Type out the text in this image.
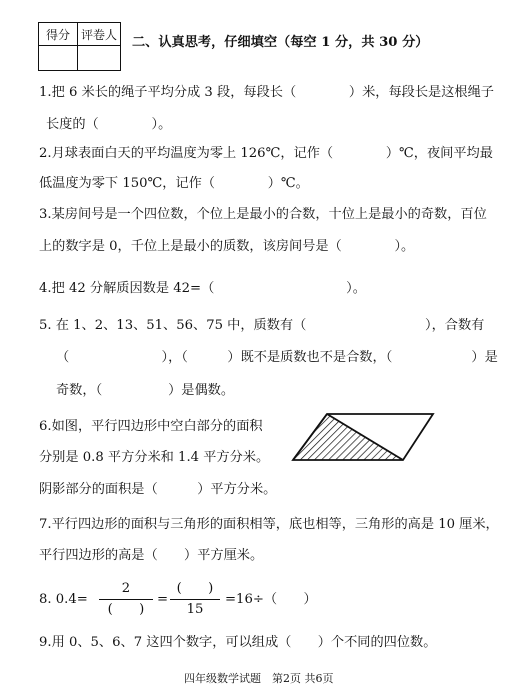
得分	评卷人

二、认真思考，仔细填空（每空 1 分，共 30 分）
1.把 6 米长的绳子平均分成 3 段，每段长（　　　　）米，每段长是这根绳子
长度的（　　　　）。
2.月球表面白天的平均温度为零上 126℃，记作（　　　　）℃，夜间平均最
低温度为零下 150℃，记作（　　　　）℃。
3.某房间号是一个四位数，个位上是最小的合数，十位上是最小的奇数，百位
上的数字是 0，千位上是最小的质数，该房间号是（　　　　）。
4.把 42 分解质因数是 42=（　　　　　　　　　　）。
5. 在 1、2、13、51、56、75 中，质数有（　　　　　　　　　），合数有
（　　　　　　　），（　　　）既不是质数也不是合数，（　　　　　　）是
奇数，（　　　　　）是偶数。
6.如图，平行四边形中空白部分的面积
分别是 0.8 平方分米和 1.4 平方分米。
阴影部分的面积是（　　　）平方分米。
7.平行四边形的面积与三角形的面积相等，底也相等，三角形的高是 10 厘米，
平行四边形的高是（　　）平方厘米。
8. 0.4=
2
(　　)
=
(　　)
15
=16÷（　　）
9.用 0、5、6、7 这四个数字，可以组成（　　）个不同的四位数。
四年级数学试题　第2页 共6页
